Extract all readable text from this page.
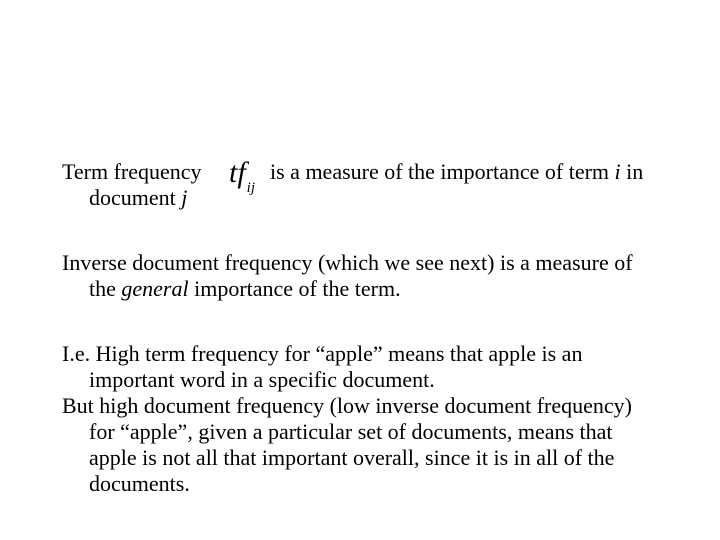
Term frequency
document j
tfij
is a measure of the importance of term i in
Inverse document frequency (which we see next) is a measure of
the general importance of the term.
I.e. High term frequency for “apple” means that apple is an
important word in a specific document.
But high document frequency (low inverse document frequency)
for “apple”, given a particular set of documents, means that
apple is not all that important overall, since it is in all of the
documents.
